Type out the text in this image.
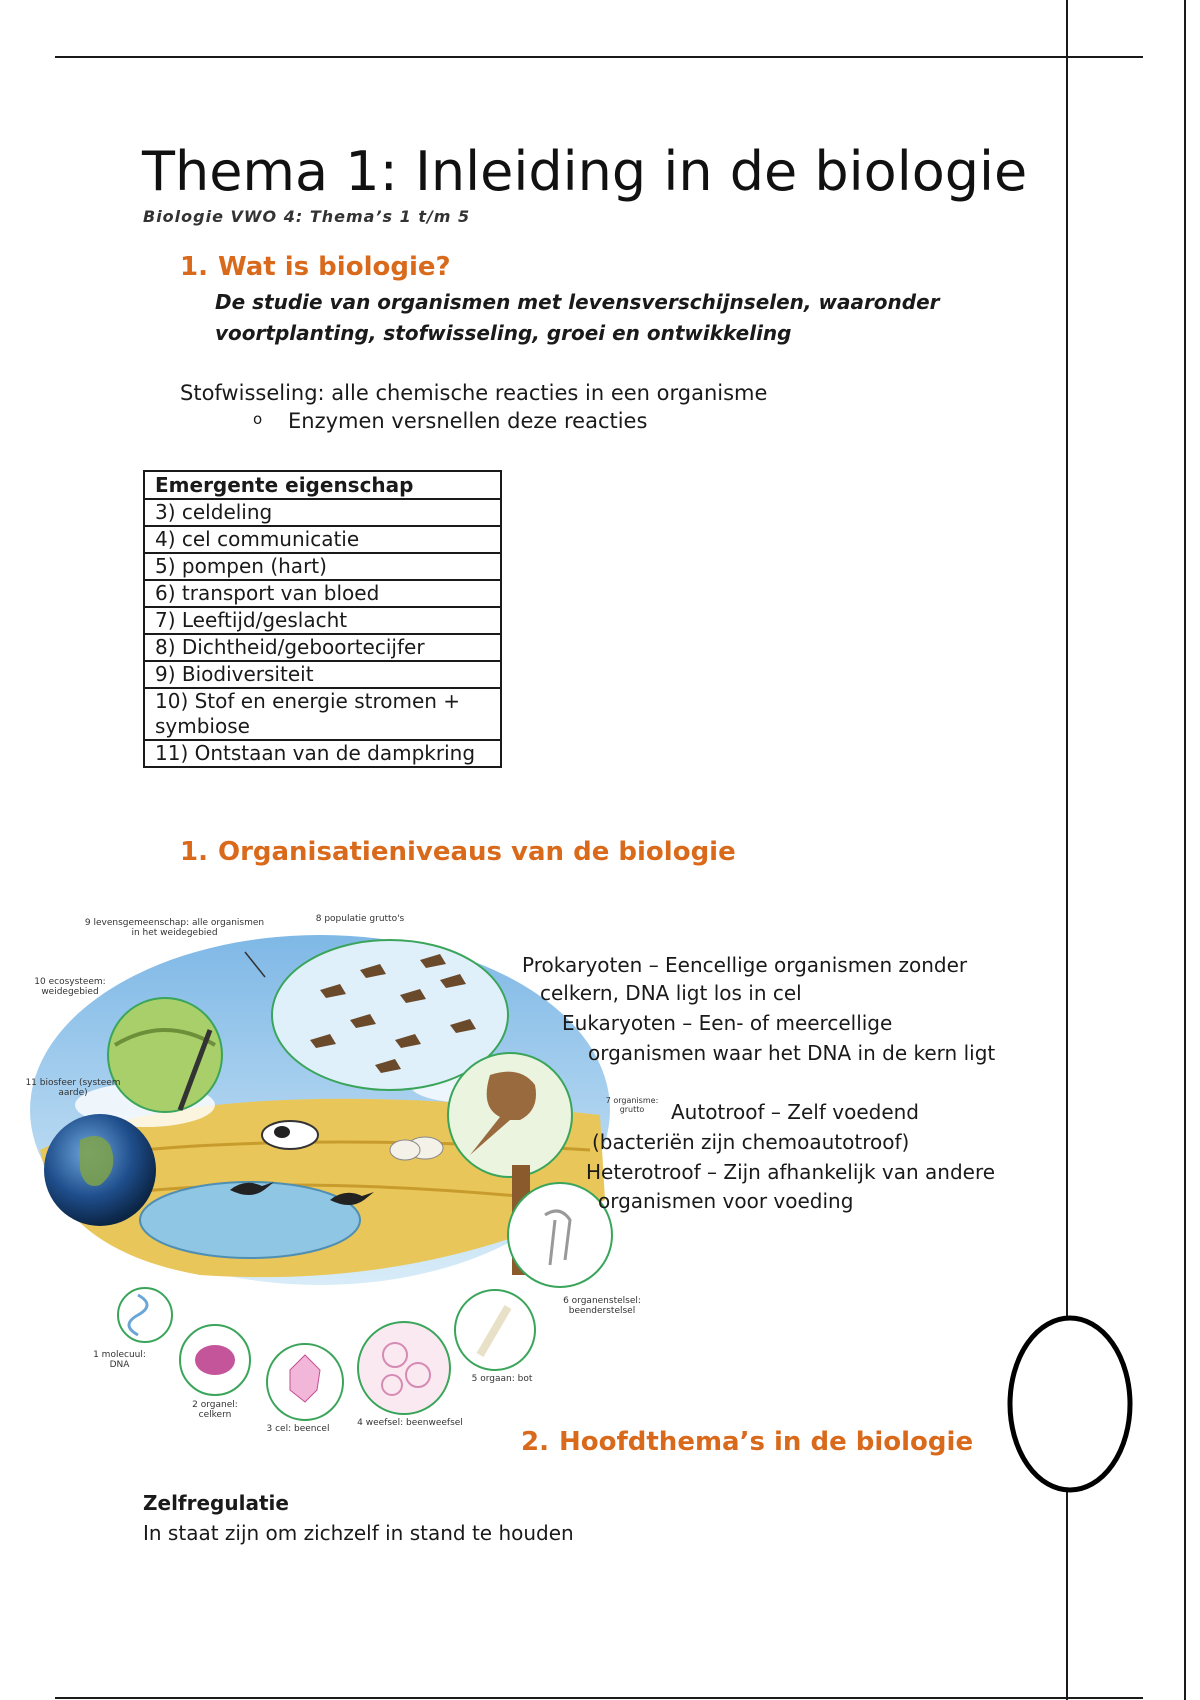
Thema 1: Inleiding in de biologie
Biologie VWO 4: Thema’s 1 t/m 5
1. Wat is biologie?
De studie van organismen met levensverschijnselen, waaronder voortplanting, stofwisseling, groei en ontwikkeling
Stofwisseling: alle chemische reacties in een organisme
o Enzymen versnellen deze reacties
Emergente eigenschap
3) celdeling
4) cel communicatie
5) pompen (hart)
6) transport van bloed
7) Leeftijd/geslacht
8) Dichtheid/geboortecijfer
9) Biodiversiteit
10) Stof en energie stromen + symbiose
11) Ontstaan van de dampkring
1. Organisatieniveaus van de biologie
9 levensgemeenschap: alle organismen in het weidegebied
8 populatie grutto's
10 ecosysteem: weidegebied
11 biosfeer (systeem aarde)
7 organisme: grutto
6 organenstelsel: beenderstelsel
5 orgaan: bot
4 weefsel: beenweefsel
3 cel: beencel
2 organel: celkern
1 molecuul: DNA
Prokaryoten – Eencellige organismen zonder
celkern, DNA ligt los in cel
Eukaryoten – Een- of meercellige
organismen waar het DNA in de kern ligt
Autotroof – Zelf voedend
(bacteriën zijn chemoautotroof)
Heterotroof – Zijn afhankelijk van andere
organismen voor voeding
2. Hoofdthema’s in de biologie
Zelfregulatie
In staat zijn om zichzelf in stand te houden
